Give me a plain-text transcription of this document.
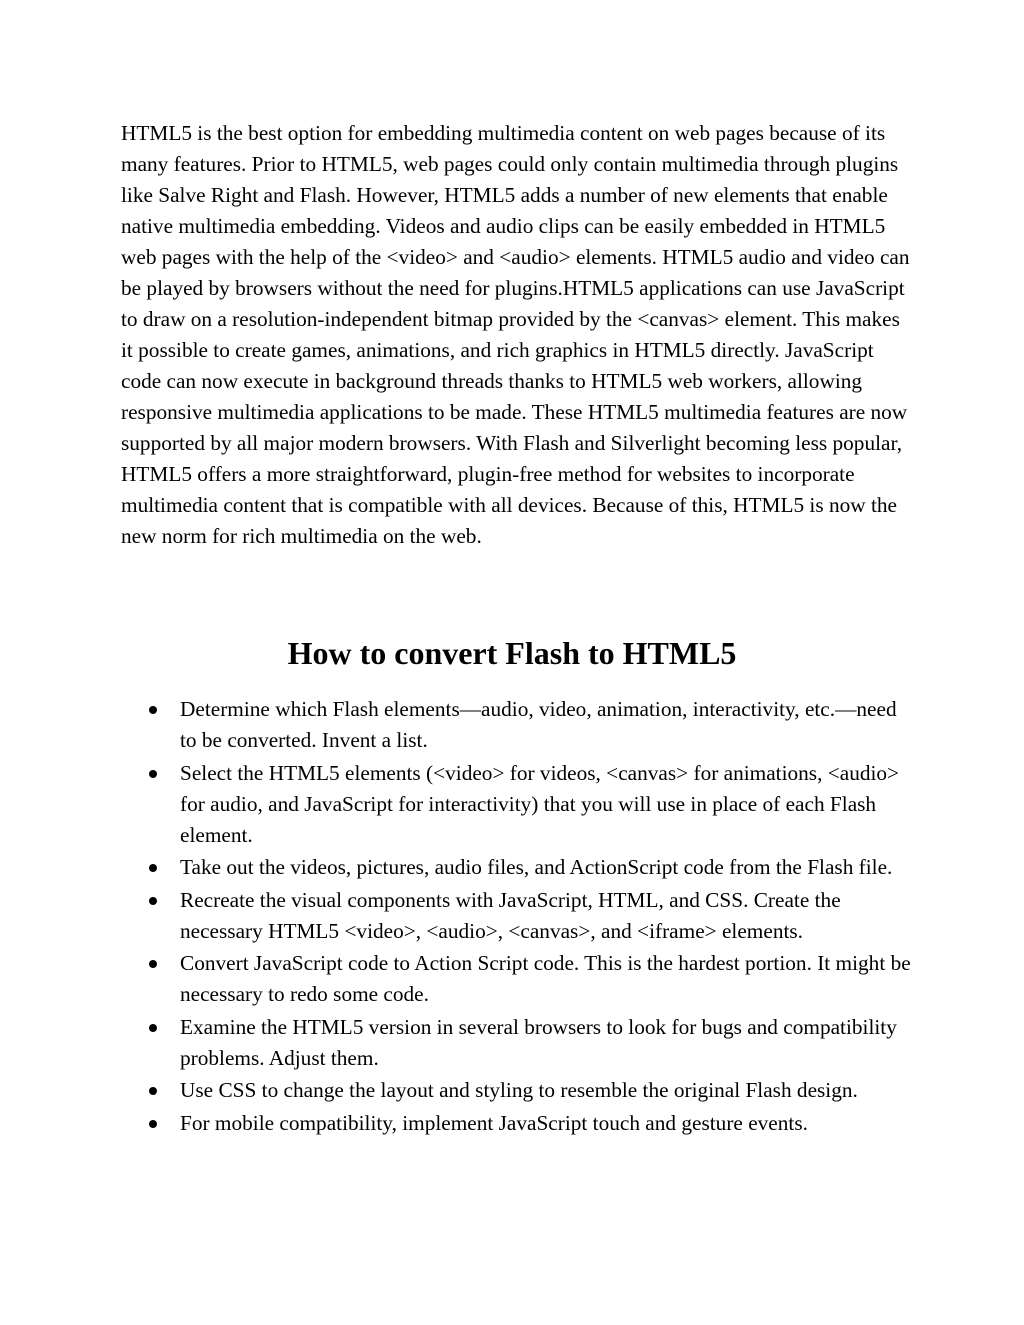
HTML5 is the best option for embedding multimedia content on web pages because of its many features. Prior to HTML5, web pages could only contain multimedia through plugins like Salve Right and Flash. However, HTML5 adds a number of new elements that enable native multimedia embedding. Videos and audio clips can be easily embedded in HTML5 web pages with the help of the <video> and <audio> elements. HTML5 audio and video can be played by browsers without the need for plugins.HTML5 applications can use JavaScript to draw on a resolution-independent bitmap provided by the <canvas> element. This makes it possible to create games, animations, and rich graphics in HTML5 directly. JavaScript code can now execute in background threads thanks to HTML5 web workers, allowing responsive multimedia applications to be made. These HTML5 multimedia features are now supported by all major modern browsers. With Flash and Silverlight becoming less popular, HTML5 offers a more straightforward, plugin-free method for websites to incorporate multimedia content that is compatible with all devices. Because of this, HTML5 is now the new norm for rich multimedia on the web.

How to convert Flash to HTML5
Determine which Flash elements—audio, video, animation, interactivity, etc.—need to be converted. Invent a list.
Select the HTML5 elements (<video> for videos, <canvas> for animations, <audio> for audio, and JavaScript for interactivity) that you will use in place of each Flash element.
Take out the videos, pictures, audio files, and ActionScript code from the Flash file.
Recreate the visual components with JavaScript, HTML, and CSS. Create the necessary HTML5 <video>, <audio>, <canvas>, and <iframe> elements.
Convert JavaScript code to Action Script code. This is the hardest portion. It might be necessary to redo some code.
Examine the HTML5 version in several browsers to look for bugs and compatibility problems. Adjust them.
Use CSS to change the layout and styling to resemble the original Flash design.
For mobile compatibility, implement JavaScript touch and gesture events.
